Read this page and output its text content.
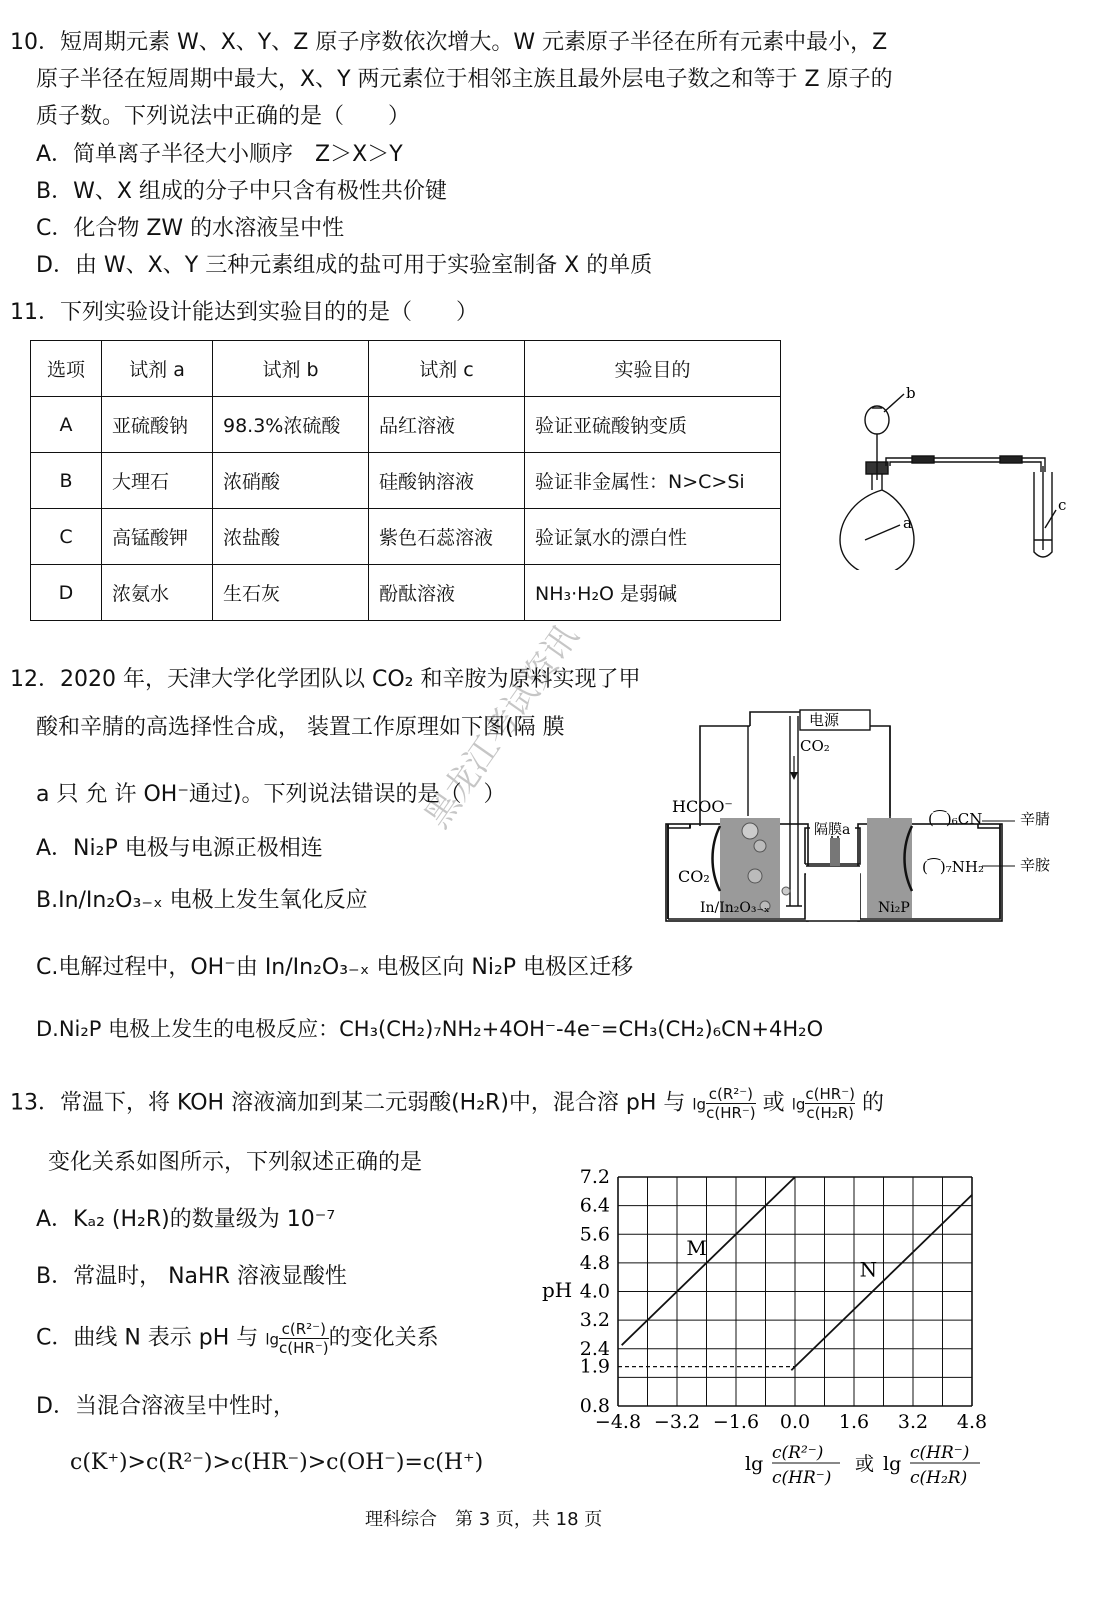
10．短周期元素 W、X、Y、Z 原子序数依次增大。W 元素原子半径在所有元素中最小，Z
原子半径在短周期中最大，X、Y 两元素位于相邻主族且最外层电子数之和等于 Z 原子的
质子数。下列说法中正确的是（　　）
A．简单离子半径大小顺序　Z＞X＞Y
B．W、X 组成的分子中只含有极性共价键
C．化合物 ZW 的水溶液呈中性
D．由 W、X、Y 三种元素组成的盐可用于实验室制备 X 的单质
11．下列实验设计能达到实验目的的是（　　）
选项	试剂 a	试剂 b	试剂 c	实验目的
A	亚硫酸钠	98.3%浓硫酸	品红溶液	验证亚硫酸钠变质
B	大理石	浓硝酸	硅酸钠溶液	验证非金属性：N>C>Si
C	高锰酸钾	浓盐酸	紫色石蕊溶液	验证氯水的漂白性
D	浓氨水	生石灰	酚酞溶液	NH₃·H₂O 是弱碱
b
a
c
黑龙江考试资讯
12．2020 年，天津大学化学团队以 CO₂ 和辛胺为原料实现了甲
酸和辛腈的高选择性合成， 装置工作原理如下图(隔 膜
a 只 允 许 OH⁻通过)。下列说法错误的是（　）
A．Ni₂P 电极与电源正极相连
B.In/In₂O₃₋ₓ 电极上发生氧化反应
C.电解过程中，OH⁻由 In/In₂O₃₋ₓ 电极区向 Ni₂P 电极区迁移
D.Ni₂P 电极上发生的电极反应：CH₃(CH₂)₇NH₂+4OH⁻-4e⁻=CH₃(CH₂)₆CN+4H₂O
电源
CO₂
HCOO⁻
CO₂
隔膜a
In/In₂O₃₋ₓ	Ni₂P
(⁀)₆CN
(⁀)₇NH₂
辛腈
辛胺
13．常温下，将 KOH 溶液滴加到某二元弱酸(H₂R)中，混合溶 pH 与 $\lg \frac{\text{c(R²⁻)}}{c(HR^-)}$ 或 $\lg \frac{c(HR^-)}{\text{c(H₂R)}}$ 的
变化关系如图所示，下列叙述正确的是
A．Kₐ₂ (H₂R)的数量级为 10⁻⁷
B．常温时， NaHR 溶液显酸性
C．曲线 N 表示 pH 与 $\lg \frac{\text{c(R²⁻)}}{c(HR^-)}$ 的变化关系
D．当混合溶液呈中性时，
c(K⁺)>c(R²⁻)>c(HR⁻)>c(OH⁻)=c(H⁺)
−4.8 −3.2 −1.6 0.0 1.6 3.2 4.8
7.2
6.4
5.6
4.8
4.0
3.2
2.4
1.9
0.8
M
N
pH
lg c(R²⁻)
c(HR⁻)
或 lg c(HR⁻)
c(H₂R)
理科综合　第 3 页，共 18 页
